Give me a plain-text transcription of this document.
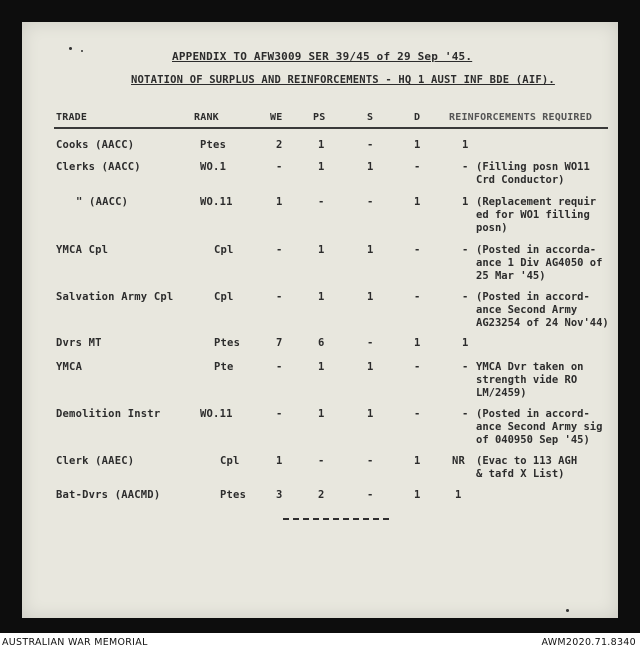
APPENDIX TO AFW3009 SER 39/45 of 29 Sep '45.
NOTATION OF SURPLUS AND REINFORCEMENTS - HQ 1 AUST INF BDE (AIF).
TRADE	RANK	WE	PS	S	D	REINFORCEMENTS REQUIRED
Cooks (AACC)	Ptes	2	1	-	1	1
Clerks (AACC)	WO.1	-	1	1	-	- (Filling posn WO11
Crd Conductor)
" (AACC)	WO.11	1	-	-	1	1 (Replacement requir
ed for WO1 filling
posn)
YMCA Cpl	Cpl	-	1	1	-	- (Posted in accorda-
ance 1 Div AG4050 of
25 Mar '45)
Salvation Army Cpl	Cpl	-	1	1	-	- (Posted in accord-
ance Second Army
AG23254 of 24 Nov'44)
Dvrs MT	Ptes	7	6	-	1	1
YMCA	Pte	-	1	1	-	- YMCA Dvr taken on
strength vide RO
LM/2459)
Demolition Instr	WO.11	-	1	1	-	- (Posted in accord-
ance Second Army sig
of 040950 Sep '45)
Clerk (AAEC)	Cpl	1	-	-	1	NR (Evac to 113 AGH
& tafd X List)
Bat-Dvrs (AACMD)	Ptes	3	2	-	1	1
AUSTRALIAN WAR MEMORIAL	AWM2020.71.8340
